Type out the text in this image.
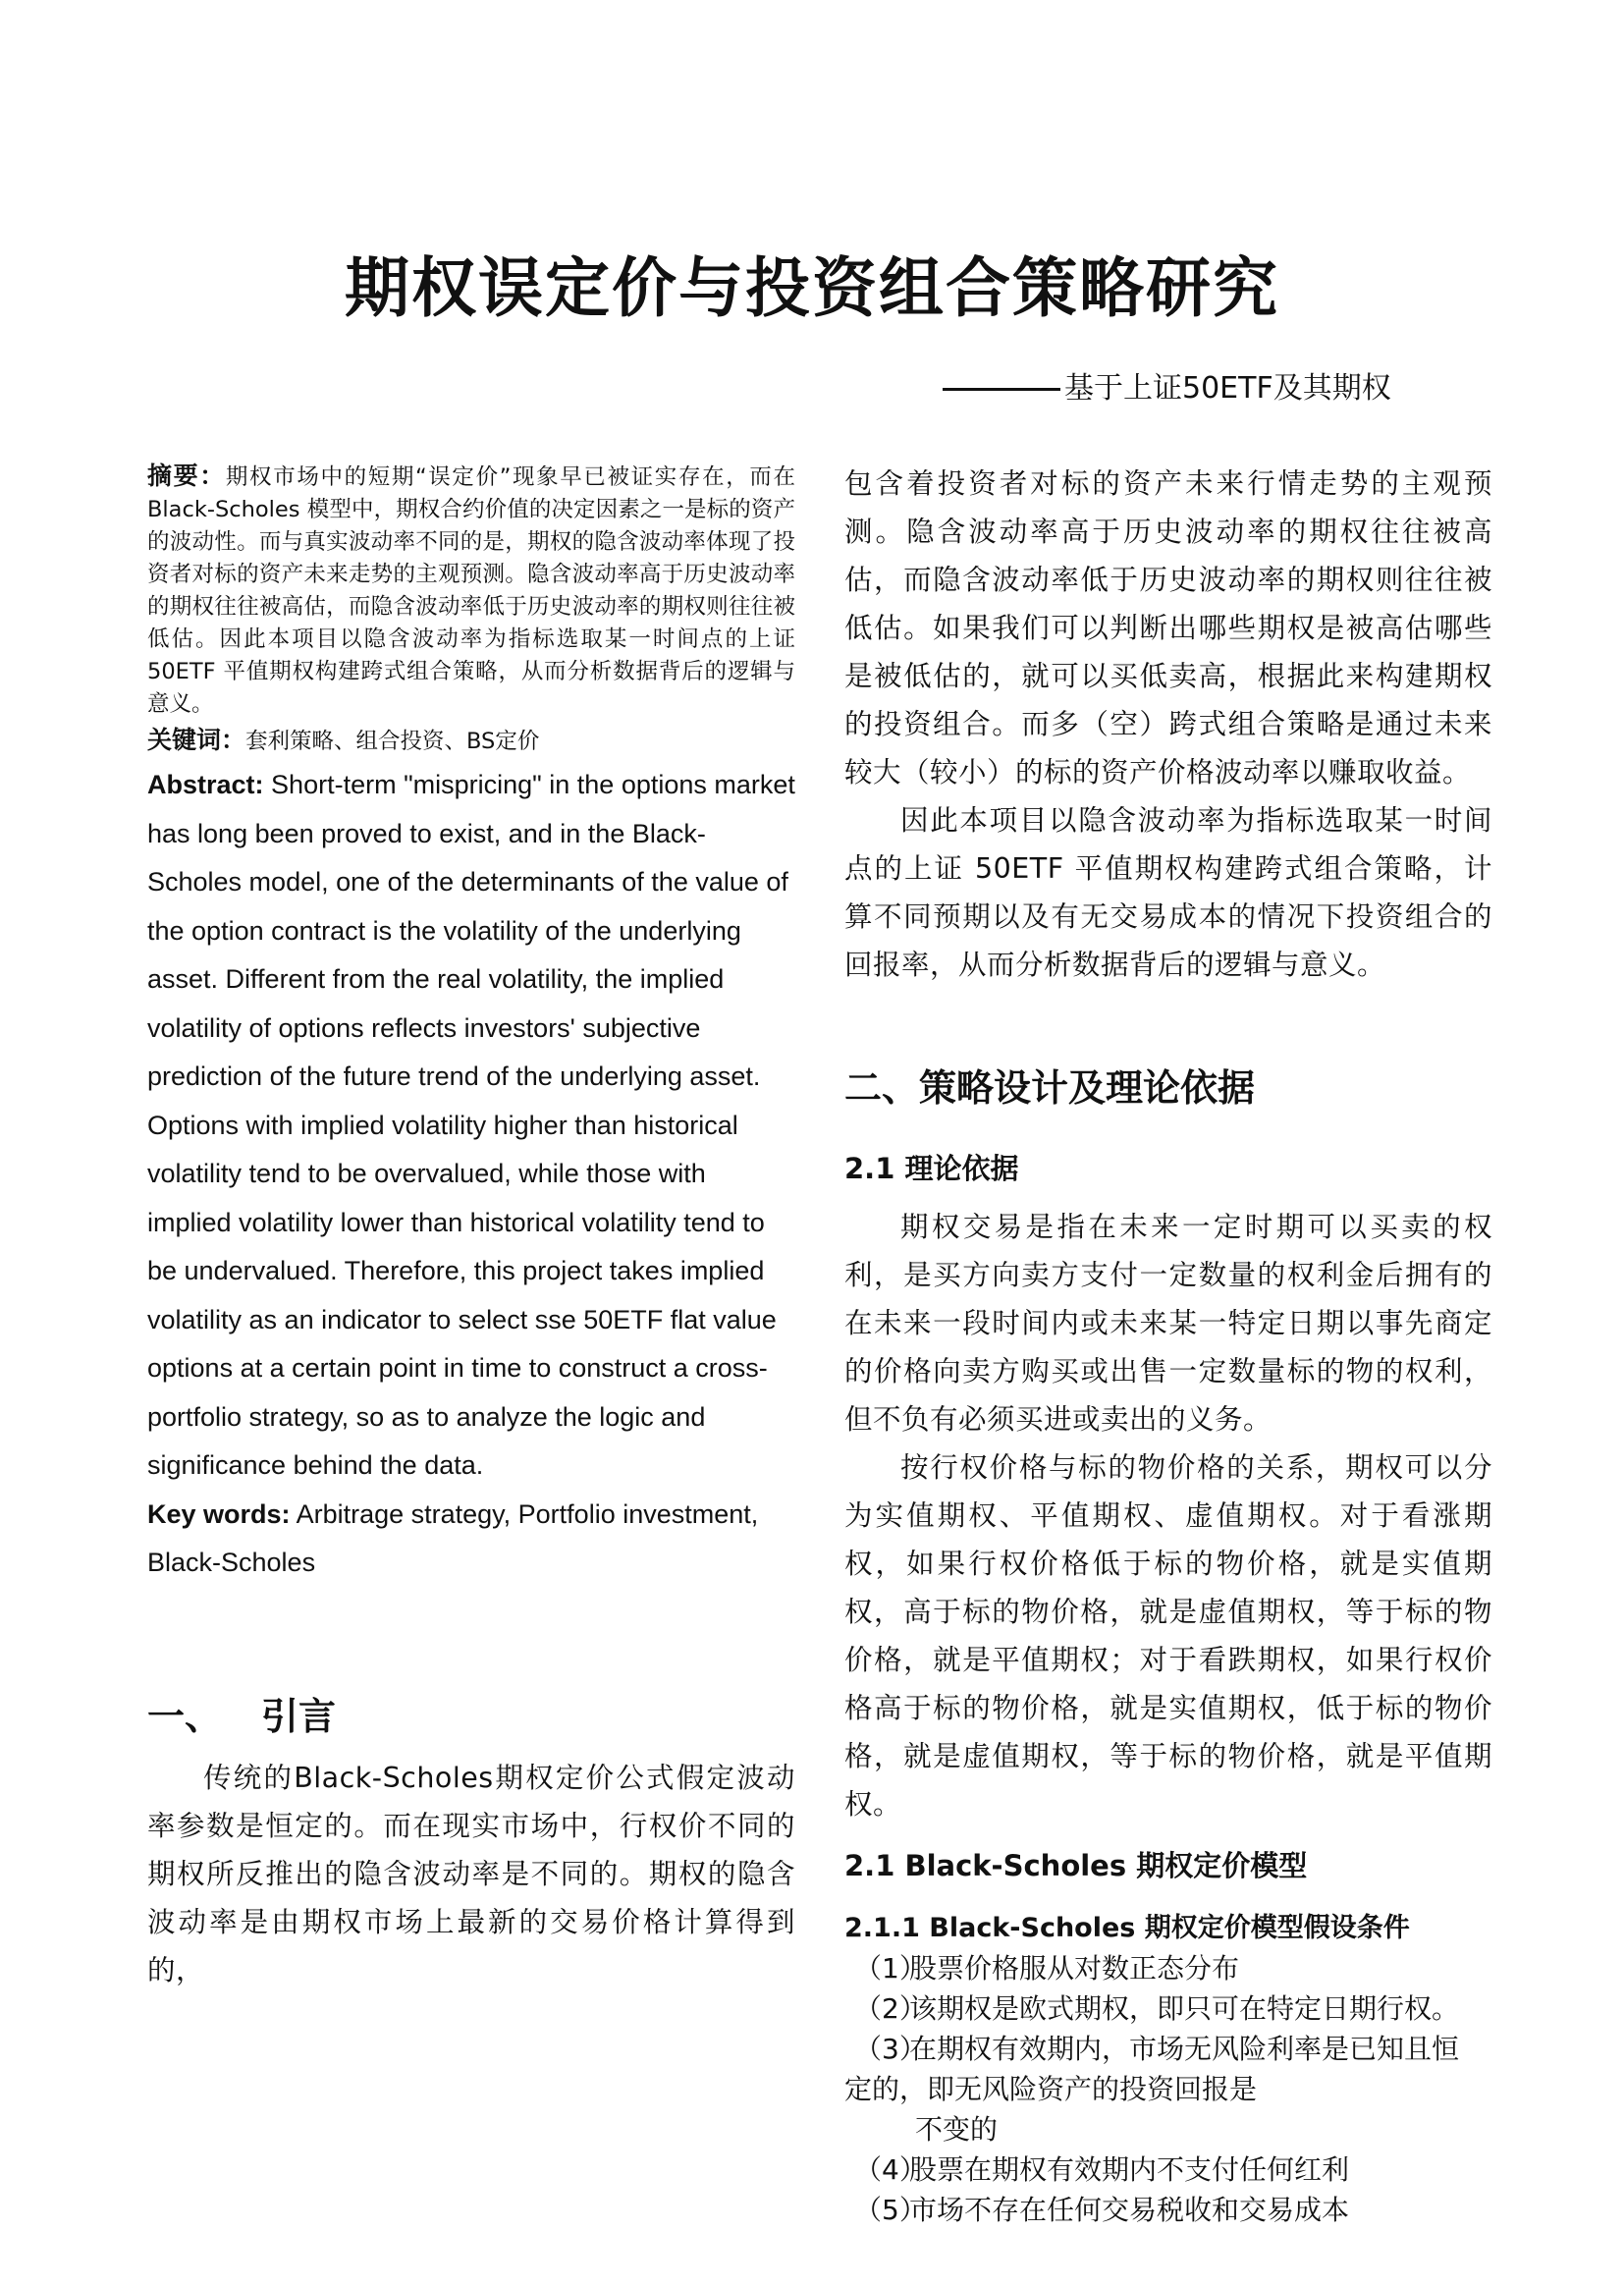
期权误定价与投资组合策略研究
基于上证50ETF及其期权

摘要：期权市场中的短期“误定价”现象早已被证实存在，而在 Black-Scholes 模型中，期权合约价值的决定因素之一是标的资产的波动性。而与真实波动率不同的是，期权的隐含波动率体现了投资者对标的资产未来走势的主观预测。隐含波动率高于历史波动率的期权往往被高估，而隐含波动率低于历史波动率的期权则往往被低估。因此本项目以隐含波动率为指标选取某一时间点的上证 50ETF 平值期权构建跨式组合策略，从而分析数据背后的逻辑与意义。

关键词：套利策略、组合投资、BS定价

Abstract: Short-term "mispricing" in the options market has long been proved to exist, and in the Black-Scholes model, one of the determinants of the value of the option contract is the volatility of the underlying asset. Different from the real volatility, the implied volatility of options reflects investors' subjective prediction of the future trend of the underlying asset. Options with implied volatility higher than historical volatility tend to be overvalued, while those with implied volatility lower than historical volatility tend to be undervalued. Therefore, this project takes implied volatility as an indicator to select sse 50ETF flat value options at a certain point in time to construct a cross-portfolio strategy, so as to analyze the logic and significance behind the data.

Key words: Arbitrage strategy, Portfolio investment, Black-Scholes

一、 引言

传统的Black-Scholes期权定价公式假定波动率参数是恒定的。而在现实市场中，行权价不同的期权所反推出的隐含波动率是不同的。期权的隐含波动率是由期权市场上最新的交易价格计算得到的，

包含着投资者对标的资产未来行情走势的主观预测。隐含波动率高于历史波动率的期权往往被高估，而隐含波动率低于历史波动率的期权则往往被低估。如果我们可以判断出哪些期权是被高估哪些是被低估的，就可以买低卖高，根据此来构建期权的投资组合。而多（空）跨式组合策略是通过未来较大（较小）的标的资产价格波动率以赚取收益。

因此本项目以隐含波动率为指标选取某一时间点的上证 50ETF 平值期权构建跨式组合策略，计算不同预期以及有无交易成本的情况下投资组合的回报率，从而分析数据背后的逻辑与意义。

二、策略设计及理论依据

2.1 理论依据

期权交易是指在未来一定时期可以买卖的权利，是买方向卖方支付一定数量的权利金后拥有的在未来一段时间内或未来某一特定日期以事先商定的价格向卖方购买或出售一定数量标的物的权利，但不负有必须买进或卖出的义务。

按行权价格与标的物价格的关系，期权可以分为实值期权、平值期权、虚值期权。对于看涨期权，如果行权价格低于标的物价格，就是实值期权，高于标的物价格，就是虚值期权，等于标的物价格，就是平值期权；对于看跌期权，如果行权价格高于标的物价格，就是实值期权，低于标的物价格，就是虚值期权，等于标的物价格，就是平值期权。

2.1 Black-Scholes 期权定价模型

2.1.1 Black-Scholes 期权定价模型假设条件

（1）股票价格服从对数正态分布

（2）该期权是欧式期权，即只可在特定日期行权。

（3）在期权有效期内，市场无风险利率是已知且恒

定的，即无风险资产的投资回报是

不变的

（4）股票在期权有效期内不支付任何红利

（5）市场不存在任何交易税收和交易成本
